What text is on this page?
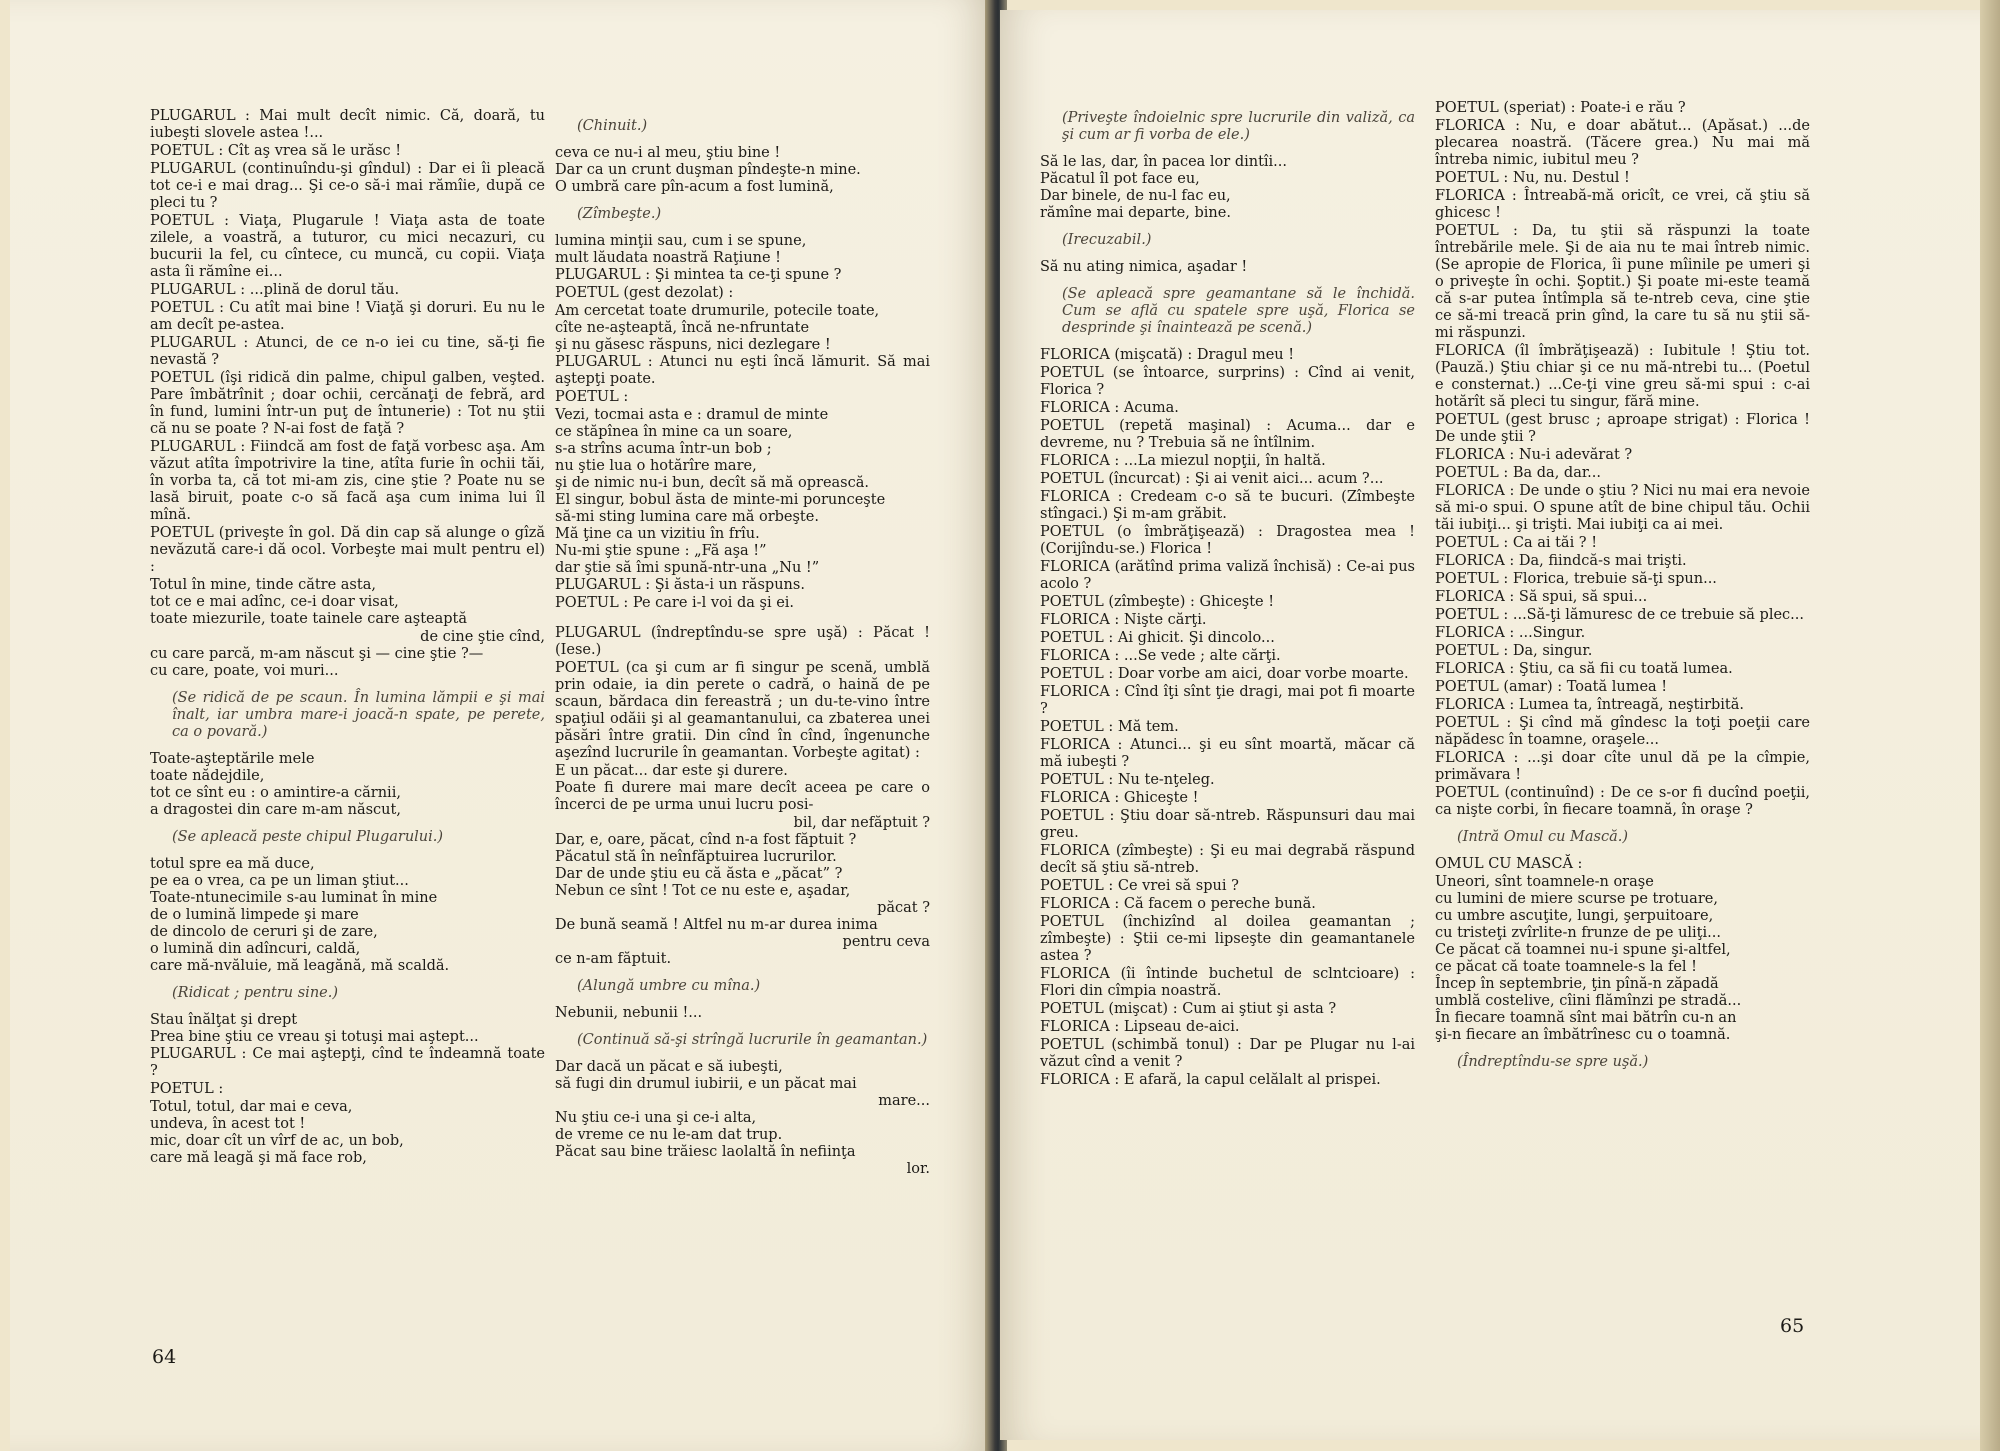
PLUGARUL : Mai mult decît nimic. Că, doară, tu iubeşti slovele astea !...

POETUL : Cît aş vrea să le urăsc !

PLUGARUL (continuîndu-şi gîndul) : Dar ei îi pleacă tot ce-i e mai drag... Şi ce-o să-i mai rămîie, după ce pleci tu ?

POETUL : Viaţa, Plugarule ! Viaţa asta de toate zilele, a voastră, a tuturor, cu mici necazuri, cu bucurii la fel, cu cîntece, cu muncă, cu copii. Viaţa asta îi rămîne ei...

PLUGARUL : ...plină de dorul tău.

POETUL : Cu atît mai bine ! Viaţă şi doruri. Eu nu le am decît pe-astea.

PLUGARUL : Atunci, de ce n-o iei cu tine, să-ţi fie nevastă ?

POETUL (îşi ridică din palme, chipul galben, veşted. Pare îmbătrînit ; doar ochii, cercănaţi de febră, ard în fund, lumini într-un puţ de întunerie) : Tot nu ştii că nu se poate ? N-ai fost de faţă ?

PLUGARUL : Fiindcă am fost de faţă vorbesc aşa. Am văzut atîta împotrivire la tine, atîta furie în ochii tăi, în vorba ta, că tot mi-am zis, cine ştie ? Poate nu se lasă biruit, poate c-o să facă aşa cum inima lui îl mînă.

POETUL (priveşte în gol. Dă din cap să alunge o gîză nevăzută care-i dă ocol. Vorbeşte mai mult pentru el) :

Totul în mine, tinde către asta,

tot ce e mai adînc, ce-i doar visat,

toate miezurile, toate tainele care aşteaptă

de cine ştie cînd,

cu care parcă, m-am născut şi — cine ştie ?—

cu care, poate, voi muri...

(Se ridică de pe scaun. În lumina lămpii e şi mai înalt, iar umbra mare-i joacă-n spate, pe perete, ca o povară.)

Toate-aşteptările mele

toate nădejdile,

tot ce sînt eu : o amintire-a cărnii,

a dragostei din care m-am născut,

(Se apleacă peste chipul Plugarului.)

totul spre ea mă duce,

pe ea o vrea, ca pe un liman ştiut...

Toate-ntunecimile s-au luminat în mine

de o lumină limpede şi mare

de dincolo de ceruri şi de zare,

o lumină din adîncuri, caldă,

care mă-nvăluie, mă leagănă, mă scaldă.

(Ridicat ; pentru sine.)

Stau înălţat şi drept

Prea bine ştiu ce vreau şi totuşi mai aştept...

PLUGARUL : Ce mai aştepţi, cînd te îndeamnă toate ?

POETUL :

Totul, totul, dar mai e ceva,

undeva, în acest tot !

mic, doar cît un vîrf de ac, un bob,

care mă leagă şi mă face rob,

(Chinuit.)

ceva ce nu-i al meu, ştiu bine !

Dar ca un crunt duşman pîndeşte-n mine.

O umbră care pîn-acum a fost lumină,

(Zîmbeşte.)

lumina minţii sau, cum i se spune,

mult lăudata noastră Raţiune !

PLUGARUL : Şi mintea ta ce-ţi spune ?

POETUL (gest dezolat) :

Am cercetat toate drumurile, potecile toate,

cîte ne-aşteaptă, încă ne-nfruntate

şi nu găsesc răspuns, nici dezlegare !

PLUGARUL : Atunci nu eşti încă lămurit. Să mai aştepţi poate.

POETUL :

Vezi, tocmai asta e : dramul de minte

ce stăpînea în mine ca un soare,

s-a strîns acuma într-un bob ;

nu ştie lua o hotărîre mare,

şi de nimic nu-i bun, decît să mă oprească.

El singur, bobul ăsta de minte-mi porunceşte

să-mi sting lumina care mă orbeşte.

Mă ţine ca un vizitiu în frîu.

Nu-mi ştie spune : „Fă aşa !”

dar ştie să îmi spună-ntr-una „Nu !”

PLUGARUL : Şi ăsta-i un răspuns.

POETUL : Pe care i-l voi da şi ei.

PLUGARUL (îndreptîndu-se spre uşă) : Păcat ! (Iese.)

POETUL (ca şi cum ar fi singur pe scenă, umblă prin odaie, ia din perete o cadră, o haină de pe scaun, bărdaca din fereastră ; un du-te-vino între spaţiul odăii şi al geamantanului, ca zbaterea unei păsări între gratii. Din cînd în cînd, îngenunche aşezînd lucrurile în geamantan. Vorbeşte agitat) :

E un păcat... dar este şi durere.

Poate fi durere mai mare decît aceea pe care o încerci de pe urma unui lucru posi-

bil, dar nefăptuit ?

Dar, e, oare, păcat, cînd n-a fost făptuit ?

Păcatul stă în neînfăptuirea lucrurilor.

Dar de unde ştiu eu că ăsta e „păcat” ?

Nebun ce sînt ! Tot ce nu este e, aşadar,

păcat ?

De bună seamă ! Altfel nu m-ar durea inima

pentru ceva

ce n-am făptuit.

(Alungă umbre cu mîna.)

Nebunii, nebunii !...

(Continuă să-şi strîngă lucrurile în geamantan.)

Dar dacă un păcat e să iubeşti,

să fugi din drumul iubirii, e un păcat mai

mare...

Nu ştiu ce-i una şi ce-i alta,

de vreme ce nu le-am dat trup.

Păcat sau bine trăiesc laolaltă în nefiinţa

lor.

64

(Priveşte îndoielnic spre lucrurile din valiză, ca şi cum ar fi vorba de ele.)

Să le las, dar, în pacea lor dintîi...

Păcatul îl pot face eu,

Dar binele, de nu-l fac eu,

rămîne mai departe, bine.

(Irecuzabil.)

Să nu ating nimica, aşadar !

(Se apleacă spre geamantane să le închidă. Cum se află cu spatele spre uşă, Florica se desprinde şi înaintează pe scenă.)

FLORICA (mişcată) : Dragul meu !

POETUL (se întoarce, surprins) : Cînd ai venit, Florica ?

FLORICA : Acuma.

POETUL (repetă maşinal) : Acuma... dar e devreme, nu ? Trebuia să ne întîlnim.

FLORICA : ...La miezul nopţii, în haltă.

POETUL (încurcat) : Şi ai venit aici... acum ?...

FLORICA : Credeam c-o să te bucuri. (Zîmbeşte stîngaci.) Şi m-am grăbit.

POETUL (o îmbrăţişează) : Dragostea mea ! (Corijîndu-se.) Florica !

FLORICA (arătînd prima valiză închisă) : Ce-ai pus acolo ?

POETUL (zîmbeşte) : Ghiceşte !

FLORICA : Nişte cărţi.

POETUL : Ai ghicit. Şi dincolo...

FLORICA : ...Se vede ; alte cărţi.

POETUL : Doar vorbe am aici, doar vorbe moarte.

FLORICA : Cînd îţi sînt ţie dragi, mai pot fi moarte ?

POETUL : Mă tem.

FLORICA : Atunci... şi eu sînt moartă, măcar că mă iubeşti ?

POETUL : Nu te-nţeleg.

FLORICA : Ghiceşte !

POETUL : Ştiu doar să-ntreb. Răspunsuri dau mai greu.

FLORICA (zîmbeşte) : Şi eu mai degrabă răspund decît să ştiu să-ntreb.

POETUL : Ce vrei să spui ?

FLORICA : Că facem o pereche bună.

POETUL (închizînd al doilea geamantan ; zîmbeşte) : Ştii ce-mi lipseşte din geamantanele astea ?

FLORICA (îi întinde buchetul de sclntcioare) : Flori din cîmpia noastră.

POETUL (mişcat) : Cum ai ştiut şi asta ?

FLORICA : Lipseau de-aici.

POETUL (schimbă tonul) : Dar pe Plugar nu l-ai văzut cînd a venit ?

FLORICA : E afară, la capul celălalt al prispei.

POETUL (speriat) : Poate-i e rău ?

FLORICA : Nu, e doar abătut... (Apăsat.) ...de plecarea noastră. (Tăcere grea.) Nu mai mă întreba nimic, iubitul meu ?

POETUL : Nu, nu. Destul !

FLORICA : Întreabă-mă oricît, ce vrei, că ştiu să ghicesc !

POETUL : Da, tu ştii să răspunzi la toate întrebările mele. Şi de aia nu te mai întreb nimic. (Se apropie de Florica, îi pune mîinile pe umeri şi o priveşte în ochi. Şoptit.) Şi poate mi-este teamă că s-ar putea întîmpla să te-ntreb ceva, cine ştie ce să-mi treacă prin gînd, la care tu să nu ştii să-mi răspunzi.

FLORICA (îl îmbrăţişează) : Iubitule ! Ştiu tot. (Pauză.) Ştiu chiar şi ce nu mă-ntrebi tu... (Poetul e consternat.) ...Ce-ţi vine greu să-mi spui : c-ai hotărît să pleci tu singur, fără mine.

POETUL (gest brusc ; aproape strigat) : Florica ! De unde ştii ?

FLORICA : Nu-i adevărat ?

POETUL : Ba da, dar...

FLORICA : De unde o ştiu ? Nici nu mai era nevoie să mi-o spui. O spune atît de bine chipul tău. Ochii tăi iubiţi... şi trişti. Mai iubiţi ca ai mei.

POETUL : Ca ai tăi ? !

FLORICA : Da, fiindcă-s mai trişti.

POETUL : Florica, trebuie să-ţi spun...

FLORICA : Să spui, să spui...

POETUL : ...Să-ţi lămuresc de ce trebuie să plec...

FLORICA : ...Singur.

POETUL : Da, singur.

FLORICA : Ştiu, ca să fii cu toată lumea.

POETUL (amar) : Toată lumea !

FLORICA : Lumea ta, întreagă, neştirbită.

POETUL : Şi cînd mă gîndesc la toţi poeţii care năpădesc în toamne, oraşele...

FLORICA : ...şi doar cîte unul dă pe la cîmpie, primăvara !

POETUL (continuînd) : De ce s-or fi ducînd poeţii, ca nişte corbi, în fiecare toamnă, în oraşe ?

(Intră Omul cu Mască.)

OMUL CU MASCĂ :

Uneori, sînt toamnele-n oraşe

cu lumini de miere scurse pe trotuare,

cu umbre ascuţite, lungi, şerpuitoare,

cu tristeţi zvîrlite-n frunze de pe uliţi...

Ce păcat că toamnei nu-i spune şi-altfel,

ce păcat că toate toamnele-s la fel !

Încep în septembrie, ţin pînă-n zăpadă

umblă costelive, cîini flămînzi pe stradă...

În fiecare toamnă sînt mai bătrîn cu-n an

şi-n fiecare an îmbătrînesc cu o toamnă.

(Îndreptîndu-se spre uşă.)

65
